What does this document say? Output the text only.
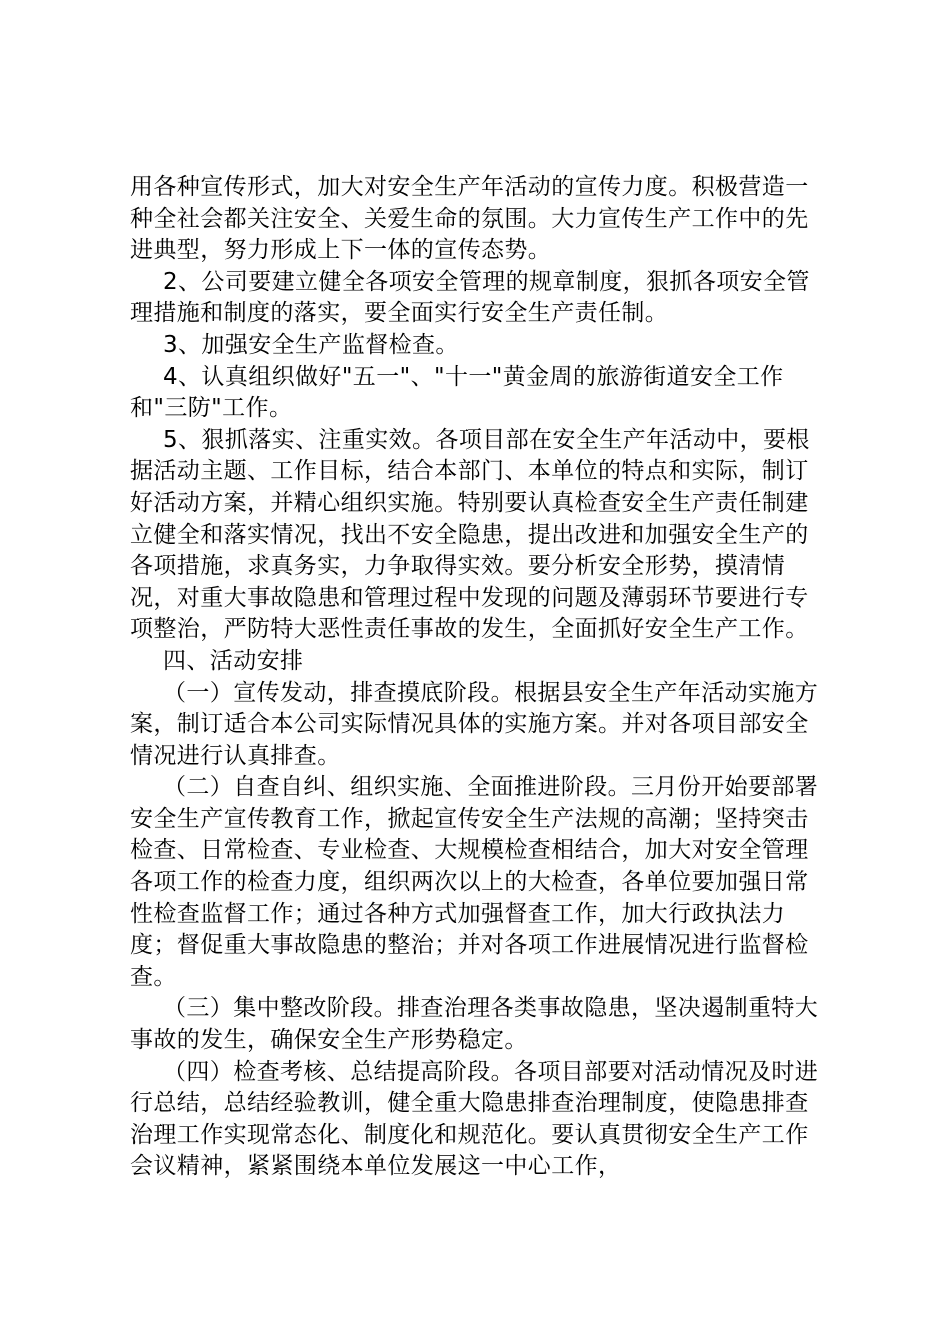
用各种宣传形式，加大对安全生产年活动的宣传力度。积极营造一种全社会都关注安全、关爱生命的氛围。大力宣传生产工作中的先进典型，努力形成上下一体的宣传态势。

2、公司要建立健全各项安全管理的规章制度，狠抓各项安全管理措施和制度的落实，要全面实行安全生产责任制。

3、加强安全生产监督检查。

4、认真组织做好"五一"、"十一"黄金周的旅游街道安全工作和"三防"工作。

5、狠抓落实、注重实效。各项目部在安全生产年活动中，要根据活动主题、工作目标，结合本部门、本单位的特点和实际，制订好活动方案，并精心组织实施。特别要认真检查安全生产责任制建立健全和落实情况，找出不安全隐患，提出改进和加强安全生产的各项措施，求真务实，力争取得实效。要分析安全形势，摸清情况，对重大事故隐患和管理过程中发现的问题及薄弱环节要进行专项整治，严防特大恶性责任事故的发生，全面抓好安全生产工作。

四、活动安排

（一）宣传发动，排查摸底阶段。根据县安全生产年活动实施方案，制订适合本公司实际情况具体的实施方案。并对各项目部安全情况进行认真排查。

（二）自查自纠、组织实施、全面推进阶段。三月份开始要部署安全生产宣传教育工作，掀起宣传安全生产法规的高潮；坚持突击检查、日常检查、专业检查、大规模检查相结合，加大对安全管理各项工作的检查力度，组织两次以上的大检查，各单位要加强日常性检查监督工作；通过各种方式加强督查工作，加大行政执法力度；督促重大事故隐患的整治；并对各项工作进展情况进行监督检查。

（三）集中整改阶段。排查治理各类事故隐患，坚决遏制重特大事故的发生，确保安全生产形势稳定。

（四）检查考核、总结提高阶段。各项目部要对活动情况及时进行总结，总结经验教训，健全重大隐患排查治理制度，使隐患排查治理工作实现常态化、制度化和规范化。要认真贯彻安全生产工作会议精神，紧紧围绕本单位发展这一中心工作，
